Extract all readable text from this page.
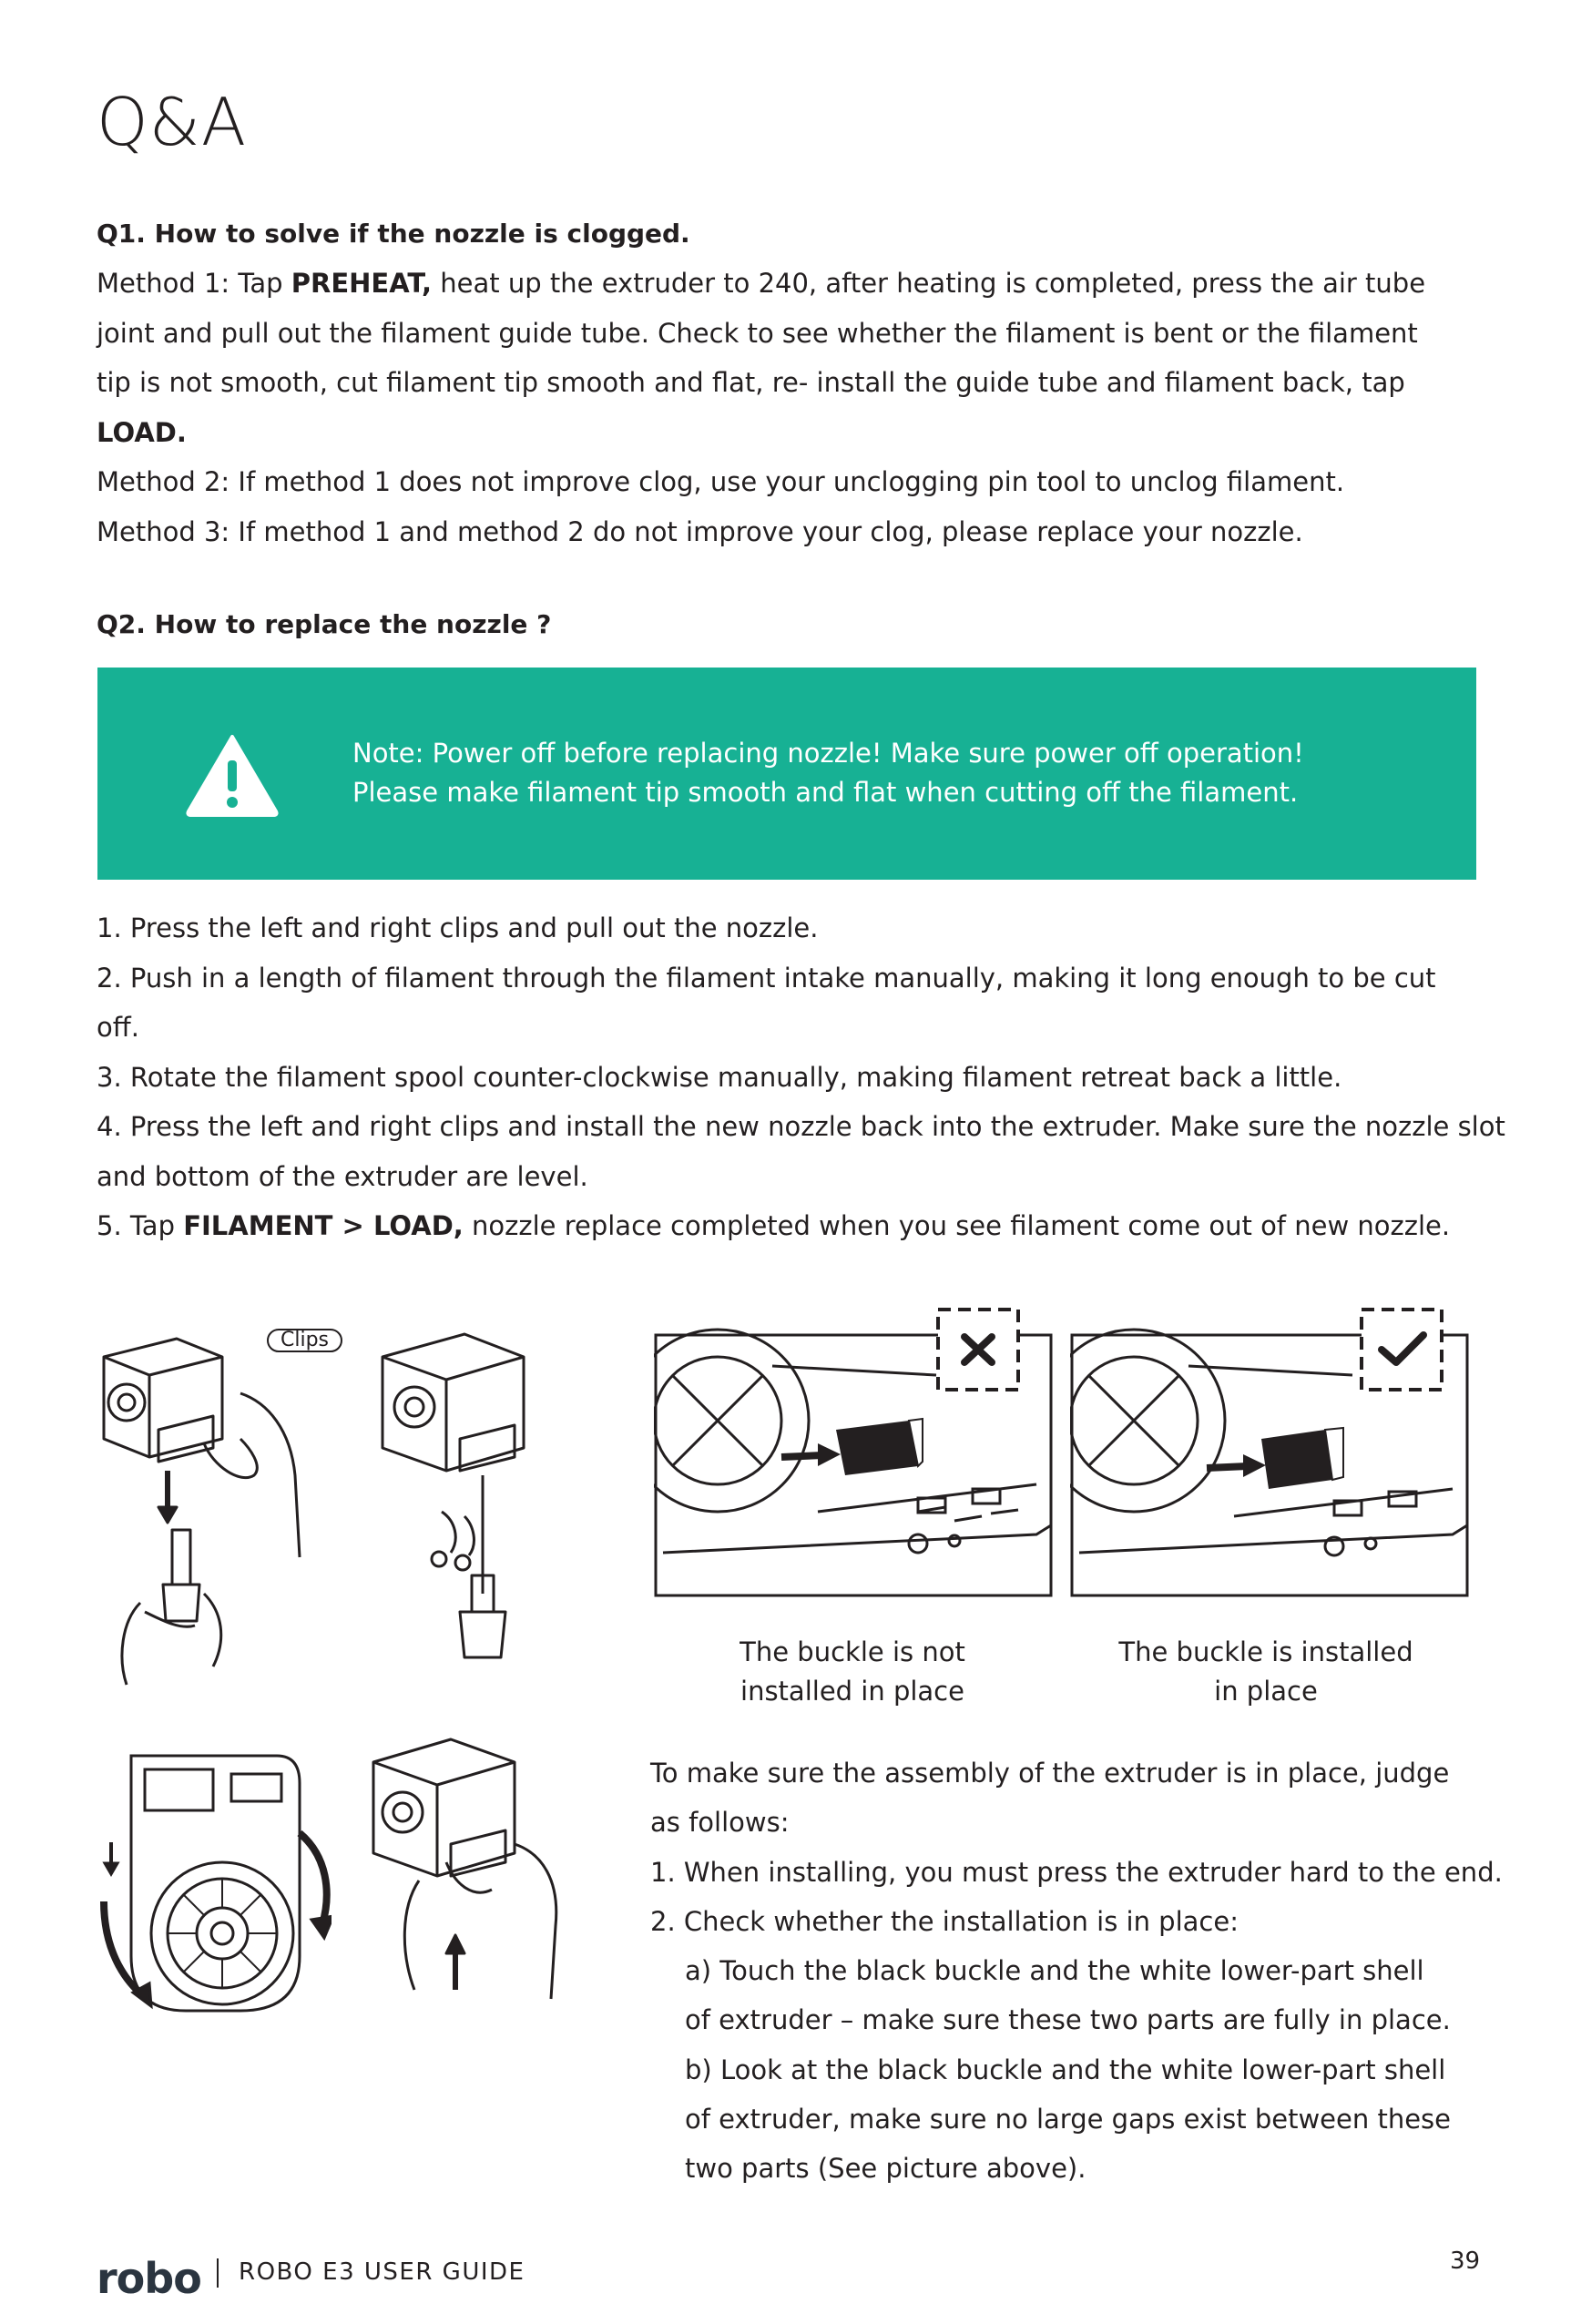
Q&A
Q1. How to solve if the nozzle is clogged.

Method 1: Tap PREHEAT, heat up the extruder to 240, after heating is completed, press the air tube

joint and pull out the filament guide tube. Check to see whether the filament is bent or the filament

tip is not smooth, cut filament tip smooth and flat, re- install the guide tube and filament back, tap

LOAD.

Method 2: If method 1 does not improve clog, use your unclogging pin tool to unclog filament.

Method 3: If method 1 and method 2 do not improve your clog, please replace your nozzle.

Q2. How to replace the nozzle ?
Note: Power off before replacing nozzle! Make sure power off operation!
Please make filament tip smooth and flat when cutting off the filament.

1. Press the left and right clips and pull out the nozzle.

2. Push in a length of filament through the filament intake manually, making it long enough to be cut

off.

3. Rotate the filament spool counter-clockwise manually, making filament retreat back a little.

4. Press the left and right clips and install the new nozzle back into the extruder. Make sure the nozzle slot

and bottom of the extruder are level.

5. Tap FILAMENT > LOAD, nozzle replace completed when you see filament come out of new nozzle.

Clips
The buckle is not
installed in place
The buckle is installed
in place
To make sure the assembly of the extruder is in place, judge
as follows:
1. When installing, you must press the extruder hard to the end.
2. Check whether the installation is in place:
a) Touch the black buckle and the white lower-part shell
of extruder – make sure these two parts are fully in place.
b) Look at the black buckle and the white lower-part shell
of extruder, make sure no large gaps exist between these
two parts (See picture above).
robo ROBO E3 USER GUIDE	39
